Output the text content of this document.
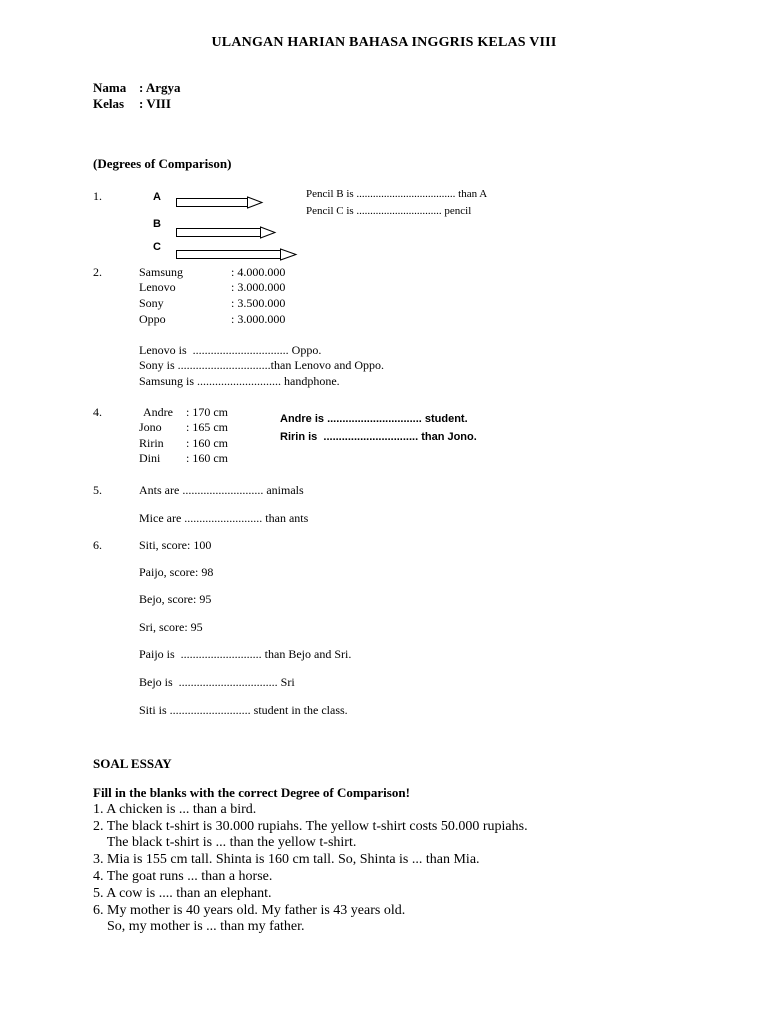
ULANGAN HARIAN BAHASA INGGRIS KELAS VIII
Nama : Argya
Kelas : VIII
(Degrees of Comparison)
1.	A
B
C
Pencil B is .................................... than A
Pencil C is ............................... pencil
2.	Samsung	: 4.000.000
Lenovo	: 3.000.000
Sony	: 3.500.000
Oppo	: 3.000.000
Lenovo is  ................................ Oppo.
Sony is ...............................than Lenovo and Oppo.
Samsung is ............................ handphone.
4.	Andre : 170 cm
Jono : 165 cm
Ririn : 160 cm
Dini : 160 cm
Andre is ............................... student.
Ririn is  ............................... than Jono.
5.	Ants are ........................... animals
Mice are .......................... than ants
6.	Siti, score: 100
Paijo, score: 98
Bejo, score: 95
Sri, score: 95
Paijo is  ........................... than Bejo and Sri.
Bejo is  ................................. Sri
Siti is ........................... student in the class.
SOAL ESSAY
Fill in the blanks with the correct Degree of Comparison!
1. A chicken is ... than a bird.
2. The black t-shirt is 30.000 rupiahs. The yellow t-shirt costs 50.000 rupiahs.
The black t-shirt is ... than the yellow t-shirt.
3. Mia is 155 cm tall. Shinta is 160 cm tall. So, Shinta is ... than Mia.
4. The goat runs ... than a horse.
5. A cow is .... than an elephant.
6. My mother is 40 years old. My father is 43 years old.
So, my mother is ... than my father.
